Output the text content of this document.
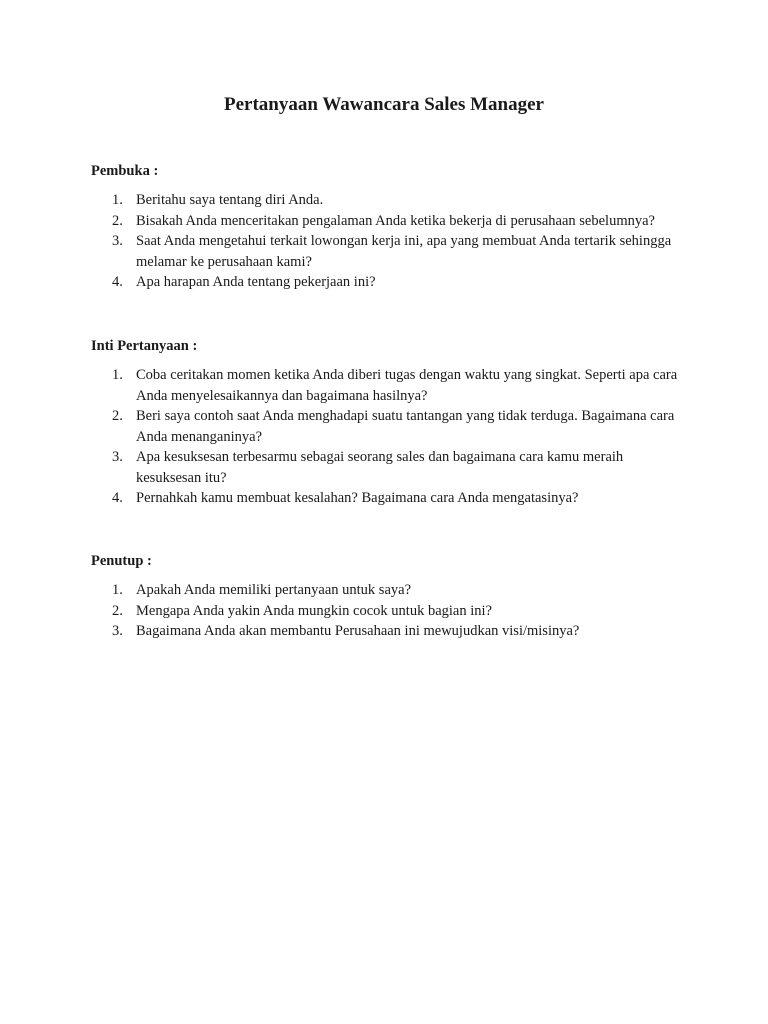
Pertanyaan Wawancara Sales Manager
Pembuka :
1. Beritahu saya tentang diri Anda.
2. Bisakah Anda menceritakan pengalaman Anda ketika bekerja di perusahaan sebelumnya?
3. Saat Anda mengetahui terkait lowongan kerja ini, apa yang membuat Anda tertarik sehingga melamar ke perusahaan kami?
4. Apa harapan Anda tentang pekerjaan ini?
Inti Pertanyaan :
1. Coba ceritakan momen ketika Anda diberi tugas dengan waktu yang singkat. Seperti apa cara Anda menyelesaikannya dan bagaimana hasilnya?
2. Beri saya contoh saat Anda menghadapi suatu tantangan yang tidak terduga. Bagaimana cara Anda menanganinya?
3. Apa kesuksesan terbesarmu sebagai seorang sales dan bagaimana cara kamu meraih kesuksesan itu?
4. Pernahkah kamu membuat kesalahan? Bagaimana cara Anda mengatasinya?
Penutup :
1. Apakah Anda memiliki pertanyaan untuk saya?
2. Mengapa Anda yakin Anda mungkin cocok untuk bagian ini?
3. Bagaimana Anda akan membantu Perusahaan ini mewujudkan visi/misinya?
